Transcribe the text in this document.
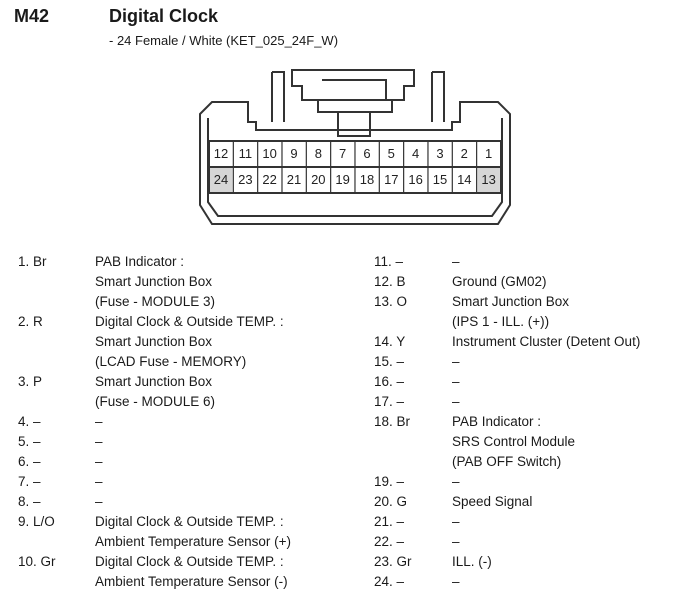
M42	Digital Clock
- 24 Female / White (KET_025_24F_W)
12 11 10	9	8	7	6	5	4	3	2	1
24 23 22 21 20 19 18 17 16 15 14 13
1. Br	PAB Indicator :
Smart Junction Box
(Fuse - MODULE 3)
2. R	Digital Clock & Outside TEMP. :
Smart Junction Box
(LCAD Fuse - MEMORY)
3. P	Smart Junction Box
(Fuse - MODULE 6)
4. –	–
5. –	–
6. –	–
7. –	–
8. –	–
9. L/O	Digital Clock & Outside TEMP. :
Ambient Temperature Sensor (+)
10. Gr	Digital Clock & Outside TEMP. :
Ambient Temperature Sensor (-)
11. –	–
12. B	Ground (GM02)
13. O	Smart Junction Box
(IPS 1 - ILL. (+))
14. Y	Instrument Cluster (Detent Out)
15. –	–
16. –	–
17. –	–
18. Br	PAB Indicator :
SRS Control Module
(PAB OFF Switch)
19. –	–
20. G	Speed Signal
21. –	–
22. –	–
23. Gr	ILL. (-)
24. –	–
